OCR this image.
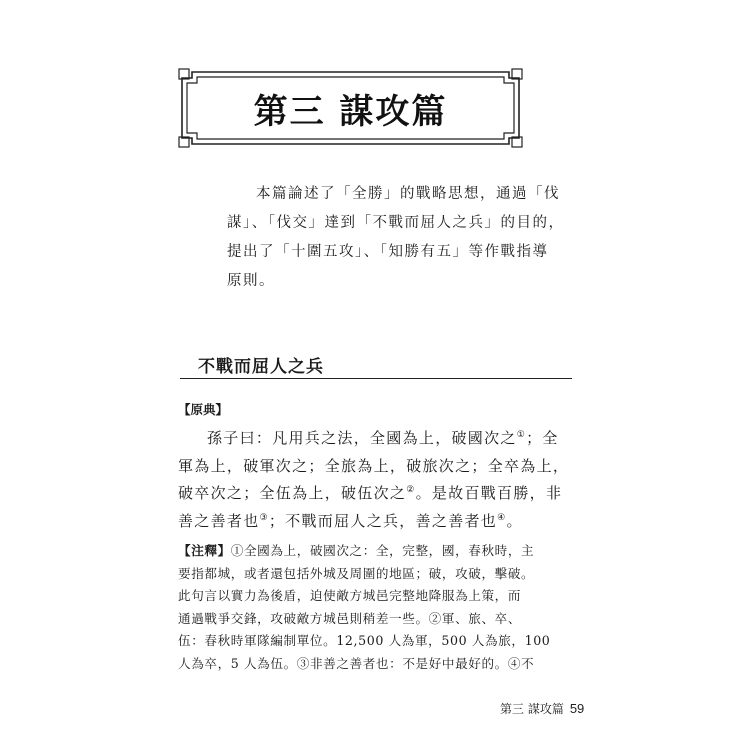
第三 謀攻篇
本篇論述了「全勝」的戰略思想，通過「伐
謀」、「伐交」達到「不戰而屈人之兵」的目的，
提出了「十圍五攻」、「知勝有五」等作戰指導
原則。
不戰而屈人之兵
【原典】
孫子曰：凡用兵之法，全國為上，破國次之①；全
軍為上，破軍次之；全旅為上，破旅次之；全卒為上，
破卒次之；全伍為上，破伍次之②。是故百戰百勝，非
善之善者也③；不戰而屈人之兵，善之善者也④。
【注釋】①全國為上，破國次之：全，完整，國，春秋時，主
要指都城，或者還包括外城及周圍的地區；破，攻破，擊破。
此句言以實力為後盾，迫使敵方城邑完整地降服為上策，而
通過戰爭交鋒，攻破敵方城邑則稍差一些。②軍、旅、卒、
伍：春秋時軍隊編制單位。12,500 人為軍，500 人為旅，100
人為卒，5 人為伍。③非善之善者也：不是好中最好的。④不
第三 謀攻篇 59
